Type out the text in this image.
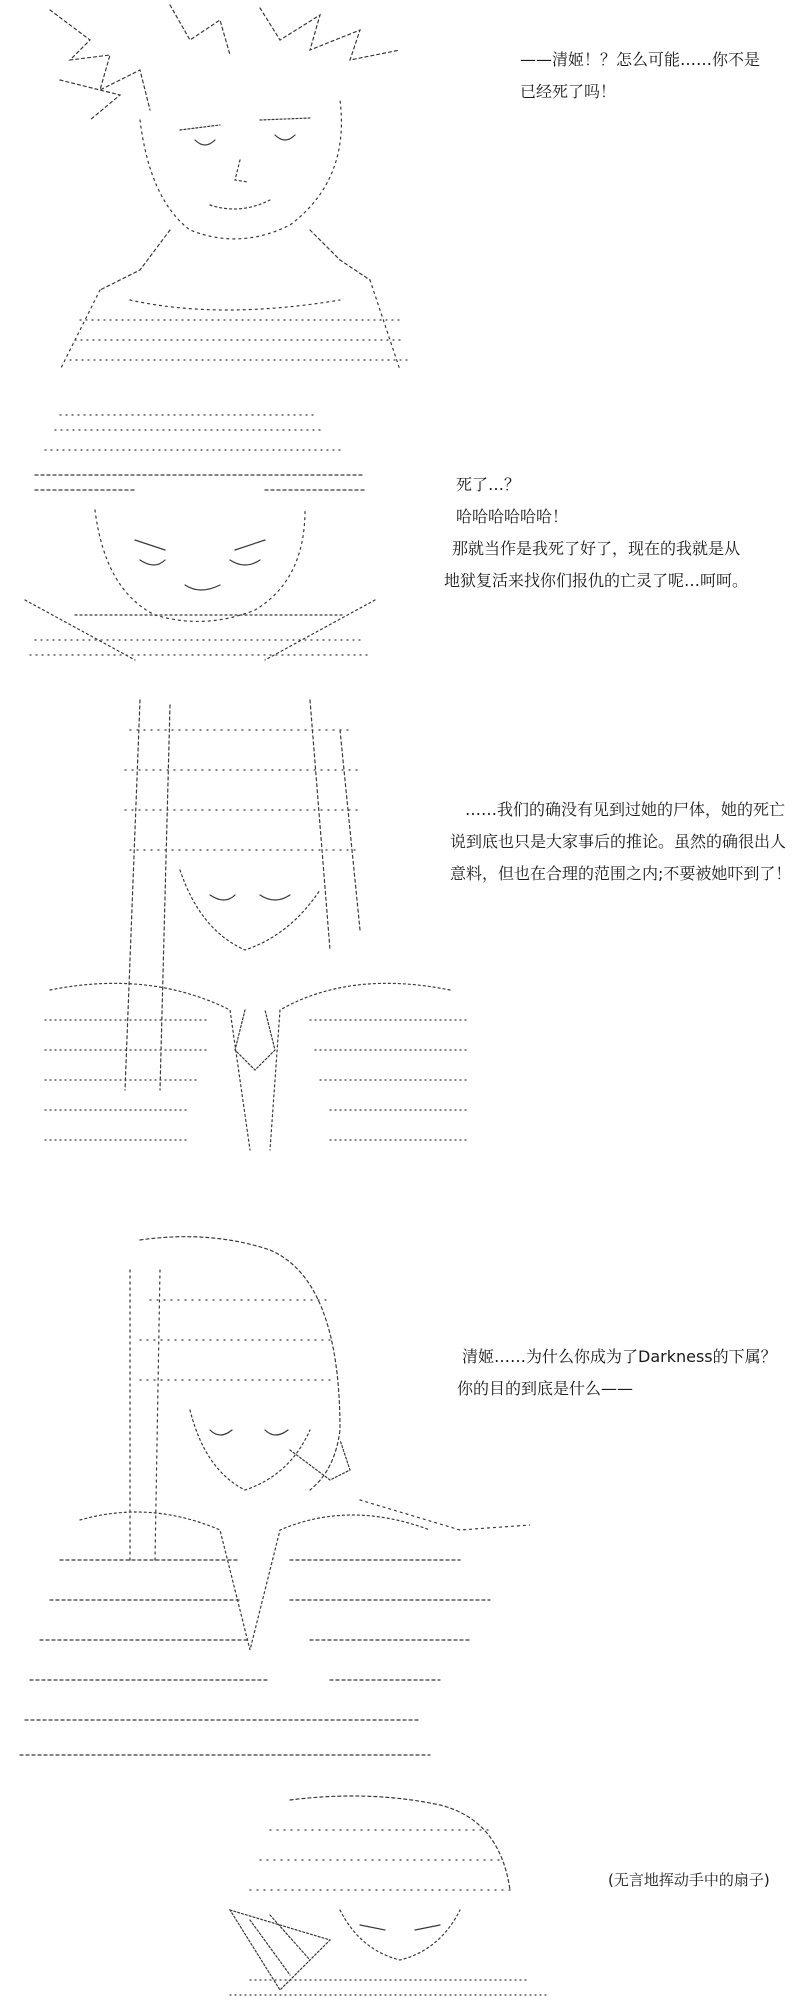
——清姬！？怎么可能……你不是

已经死了吗！

死了…？

哈哈哈哈哈哈！

那就当作是我死了好了，现在的我就是从

地狱复活来找你们报仇的亡灵了呢…呵呵。

……我们的确没有见到过她的尸体，她的死亡

说到底也只是大家事后的推论。虽然的确很出人

意料，但也在合理的范围之内;不要被她吓到了！

清姬……为什么你成为了Darkness的下属？

你的目的到底是什么——

(无言地挥动手中的扇子)
